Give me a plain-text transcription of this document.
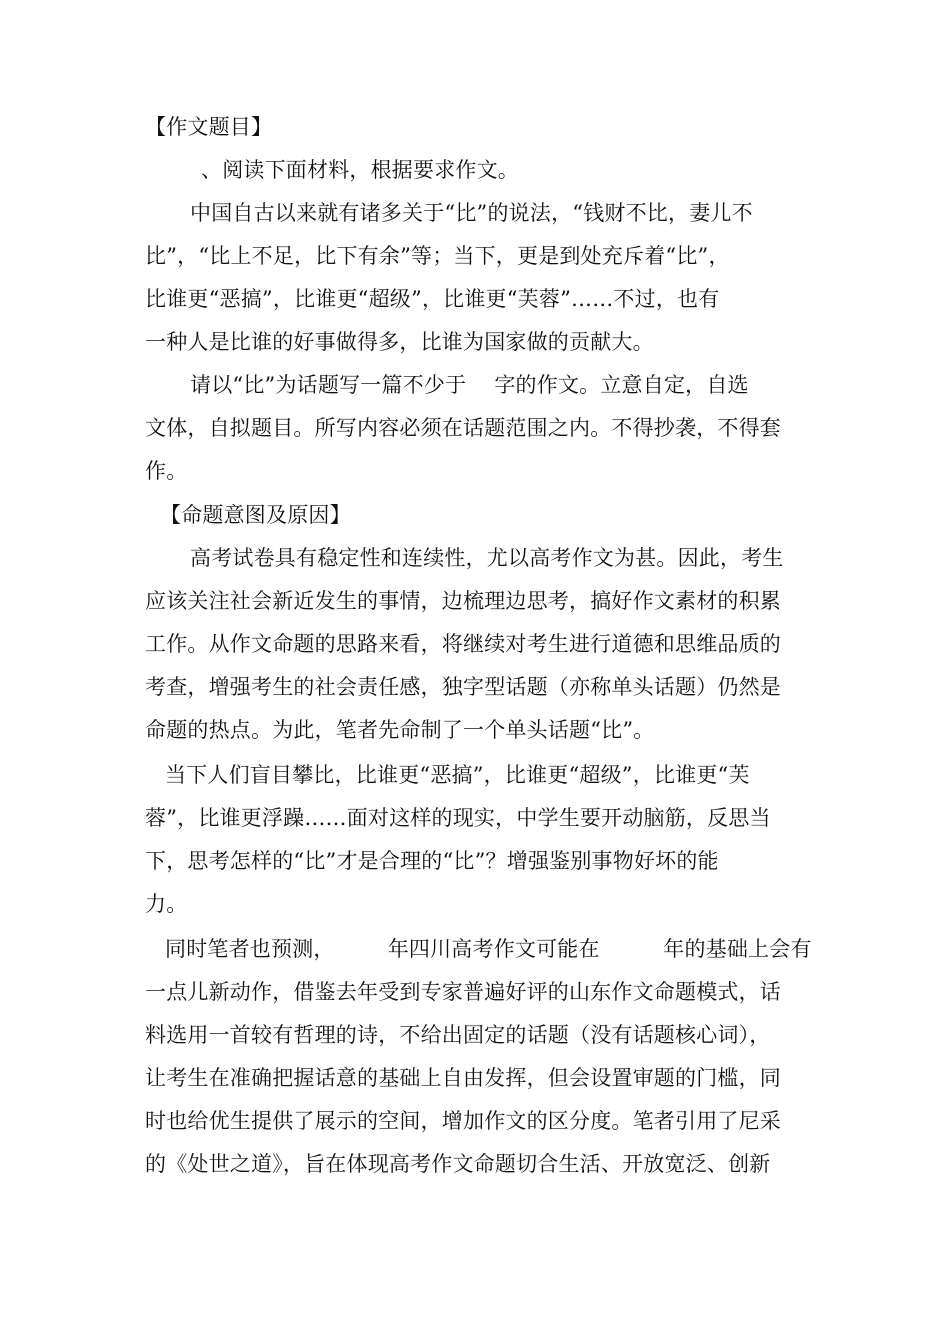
【作文题目】
、阅读下面材料，根据要求作文。
中国自古以来就有诸多关于“比”的说法，“钱财不比，妻儿不
比”，“比上不足，比下有余”等；当下，更是到处充斥着“比”，
比谁更“恶搞”，比谁更“超级”，比谁更“芙蓉”……不过，也有
一种人是比谁的好事做得多，比谁为国家做的贡献大。
请以“比”为话题写一篇不少于　 字的作文。立意自定，自选
文体，自拟题目。所写内容必须在话题范围之内。不得抄袭，不得套
作。
【命题意图及原因】
高考试卷具有稳定性和连续性，尤以高考作文为甚。因此，考生
应该关注社会新近发生的事情，边梳理边思考，搞好作文素材的积累
工作。从作文命题的思路来看，将继续对考生进行道德和思维品质的
考查，增强考生的社会责任感，独字型话题（亦称单头话题）仍然是
命题的热点。为此，笔者先命制了一个单头话题“比”。
当下人们盲目攀比，比谁更“恶搞”，比谁更“超级”，比谁更“芙
蓉”，比谁更浮躁……面对这样的现实，中学生要开动脑筋，反思当
下，思考怎样的“比”才是合理的“比”？增强鉴别事物好坏的能
力。
同时笔者也预测，　　　年四川高考作文可能在　　　年的基础上会有
一点儿新动作，借鉴去年受到专家普遍好评的山东作文命题模式，话
料选用一首较有哲理的诗，不给出固定的话题（没有话题核心词），
让考生在准确把握话意的基础上自由发挥，但会设置审题的门槛，同
时也给优生提供了展示的空间，增加作文的区分度。笔者引用了尼采
的《处世之道》，旨在体现高考作文命题切合生活、开放宽泛、创新
